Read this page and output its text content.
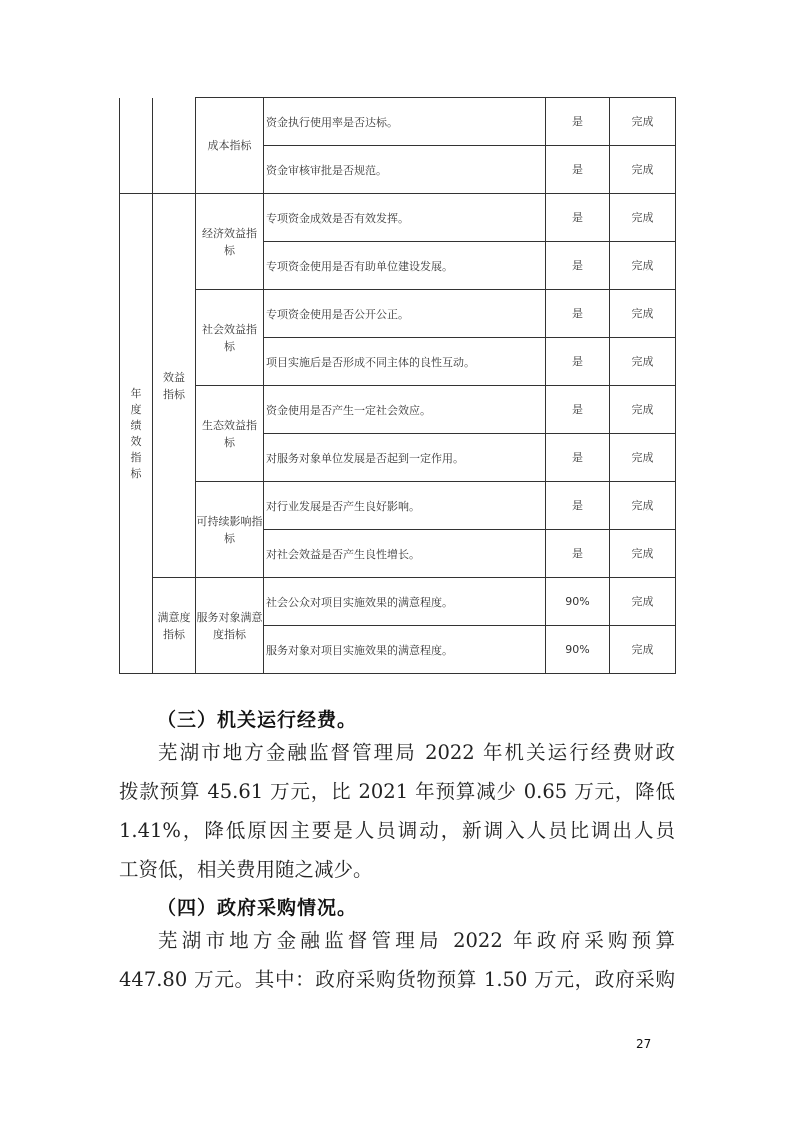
		成本指标	资金执行使用率是否达标。	是	完成
			资金审核审批是否规范。	是	完成
年度绩效指标	效益指标	经济效益指标	专项资金成效是否有效发挥。	是	完成
			专项资金使用是否有助单位建设发展。	是	完成
		社会效益指标	专项资金使用是否公开公正。	是	完成
			项目实施后是否形成不同主体的良性互动。	是	完成
		生态效益指标	资金使用是否产生一定社会效应。	是	完成
			对服务对象单位发展是否起到一定作用。	是	完成
		可持续影响指标	对行业发展是否产生良好影响。	是	完成
			对社会效益是否产生良性增长。	是	完成
	满意度指标	服务对象满意度指标	社会公众对项目实施效果的满意程度。	90%	完成
			服务对象对项目实施效果的满意程度。	90%	完成
（三）机关运行经费。
芜湖市地方金融监督管理局 2022 年机关运行经费财政
拨款预算 45.61 万元，比 2021 年预算减少 0.65 万元，降低
1.41%，降低原因主要是人员调动，新调入人员比调出人员
工资低，相关费用随之减少。
（四）政府采购情况。
芜湖市地方金融监督管理局 2022 年政府采购预算
447.80 万元。其中：政府采购货物预算 1.50 万元，政府采购
27
